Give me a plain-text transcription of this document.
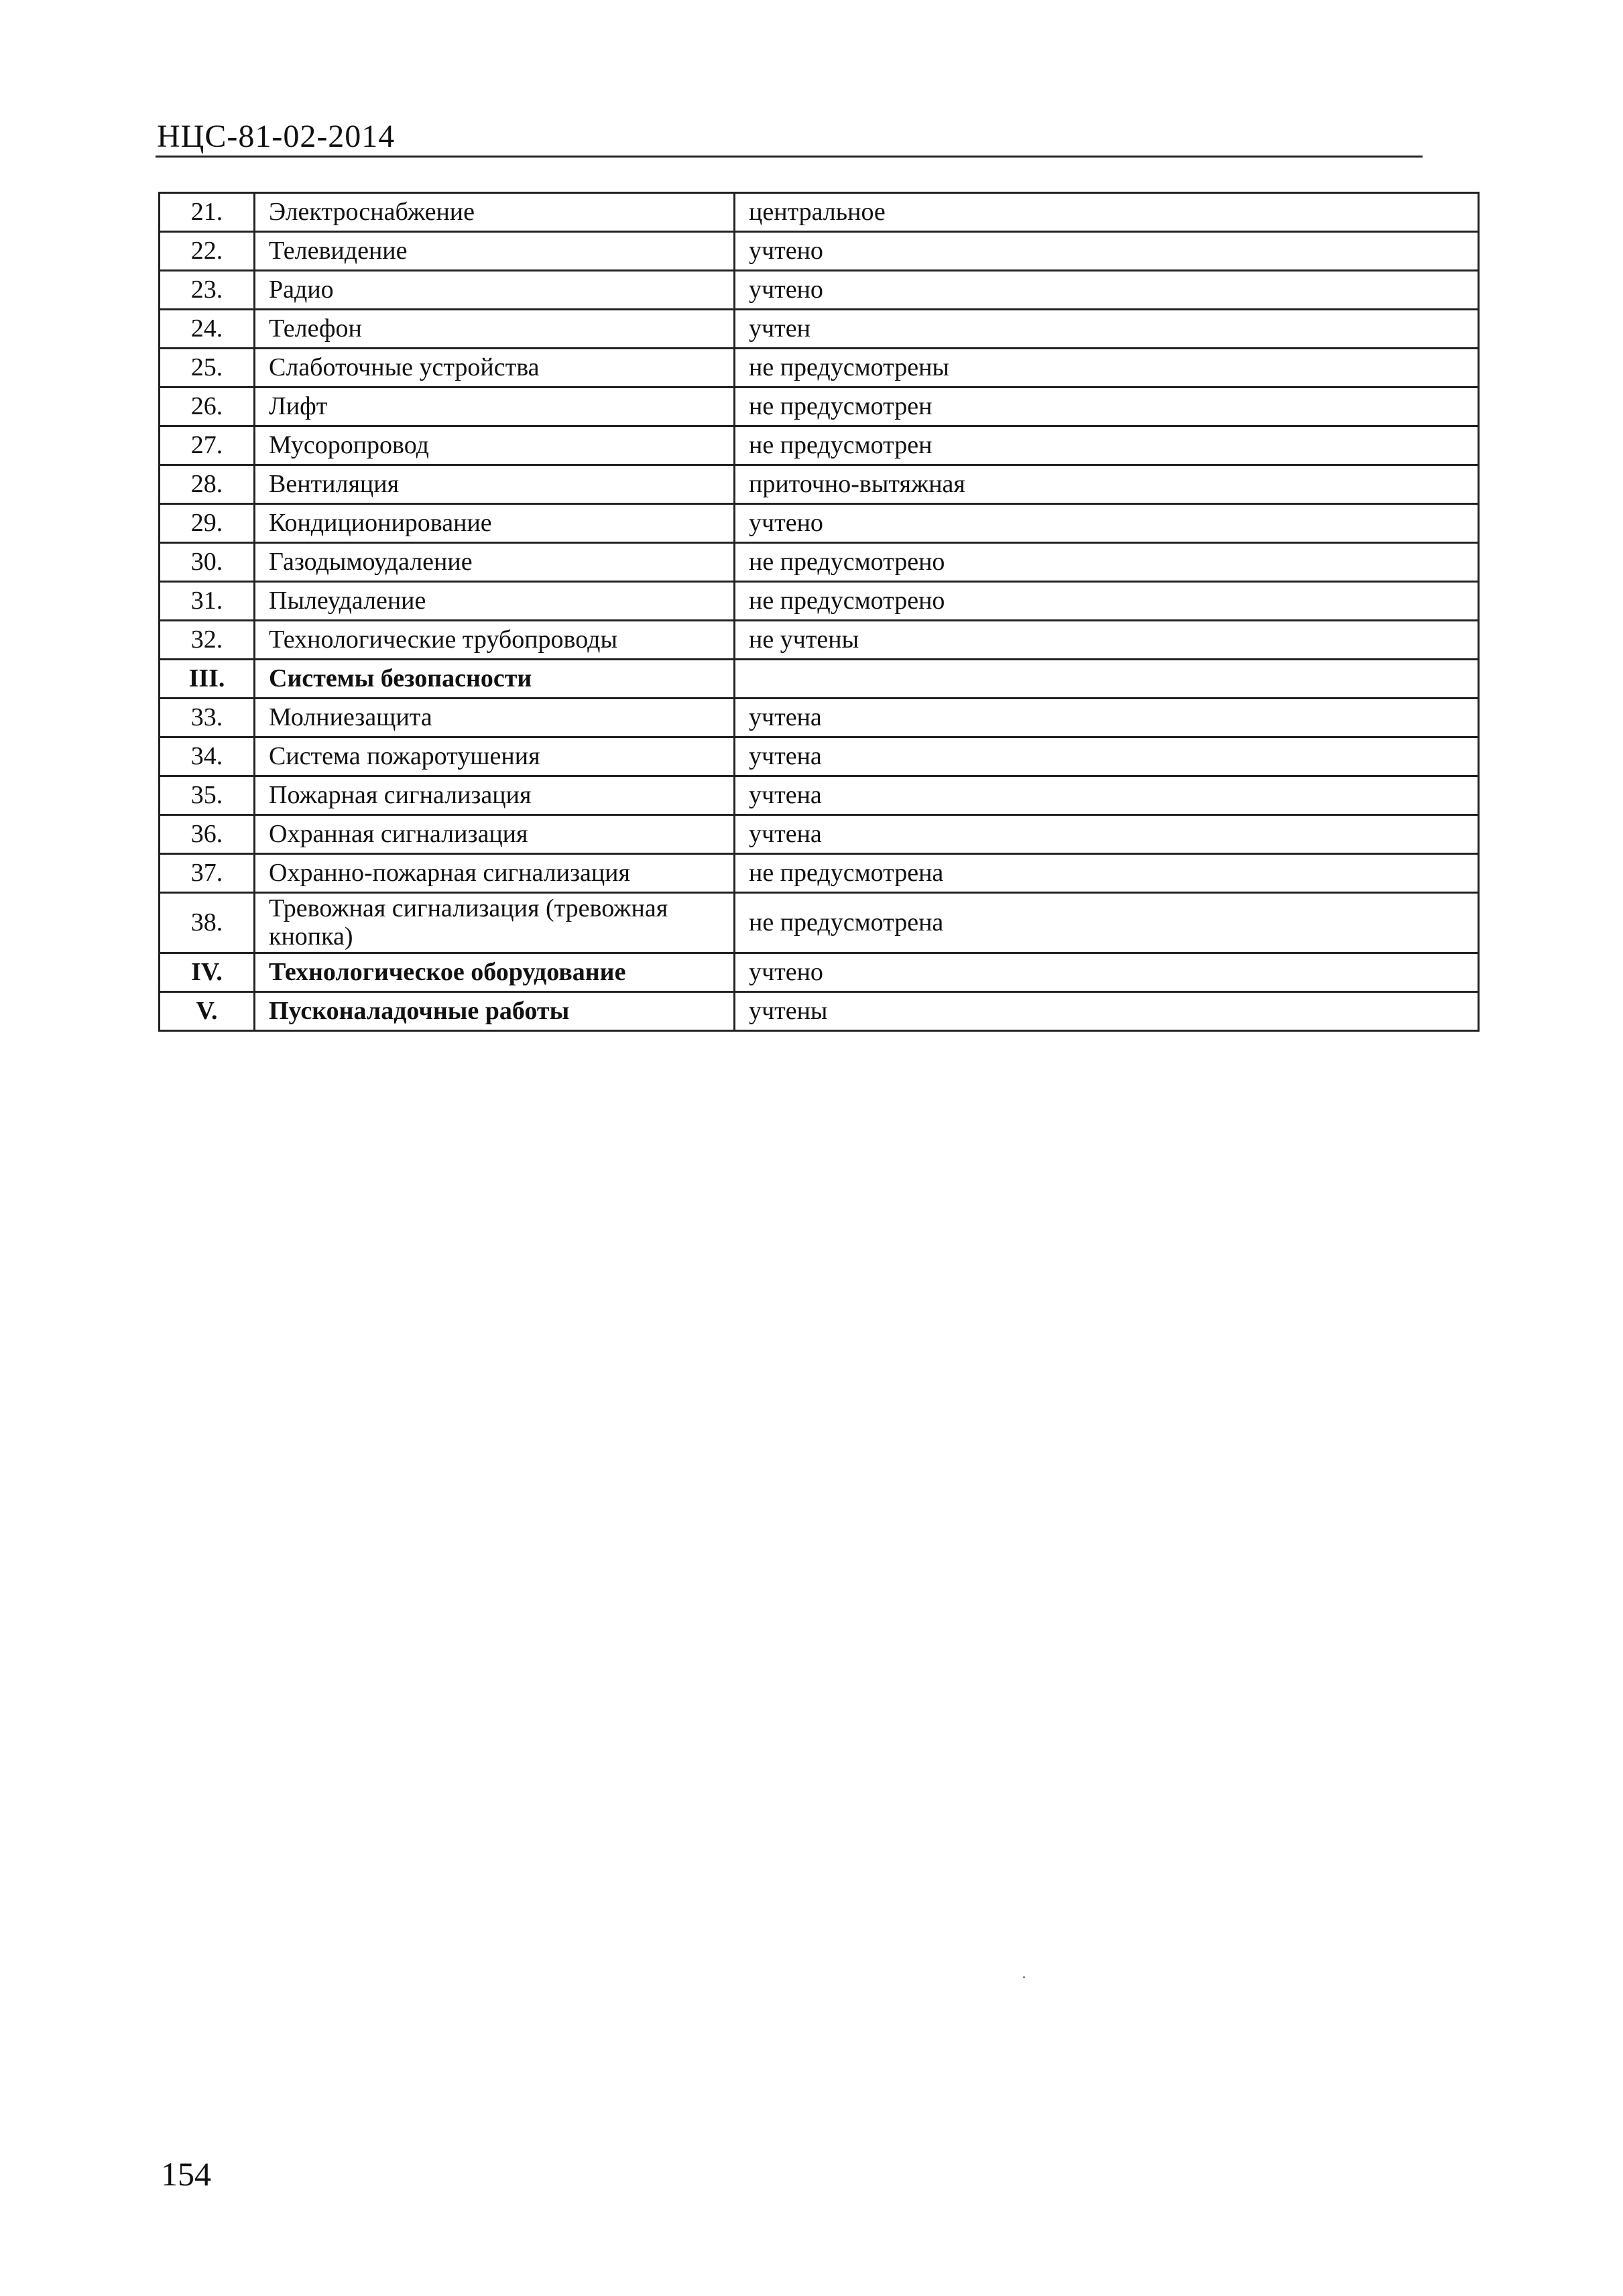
НЦС-81-02-2014
21.	Электроснабжение	центральное
22.	Телевидение	учтено
23.	Радио	учтено
24.	Телефон	учтен
25.	Слаботочные устройства	не предусмотрены
26.	Лифт	не предусмотрен
27.	Мусоропровод	не предусмотрен
28.	Вентиляция	приточно-вытяжная
29.	Кондиционирование	учтено
30.	Газодымоудаление	не предусмотрено
31.	Пылеудаление	не предусмотрено
32.	Технологические трубопроводы	не учтены
III.	Системы безопасности	
33.	Молниезащита	учтена
34.	Система пожаротушения	учтена
35.	Пожарная сигнализация	учтена
36.	Охранная сигнализация	учтена
37.	Охранно-пожарная сигнализация	не предусмотрена
38.	Тревожная сигнализация (тревожная кнопка)	не предусмотрена
IV.	Технологическое оборудование	учтено
V.	Пусконаладочные работы	учтены
154
